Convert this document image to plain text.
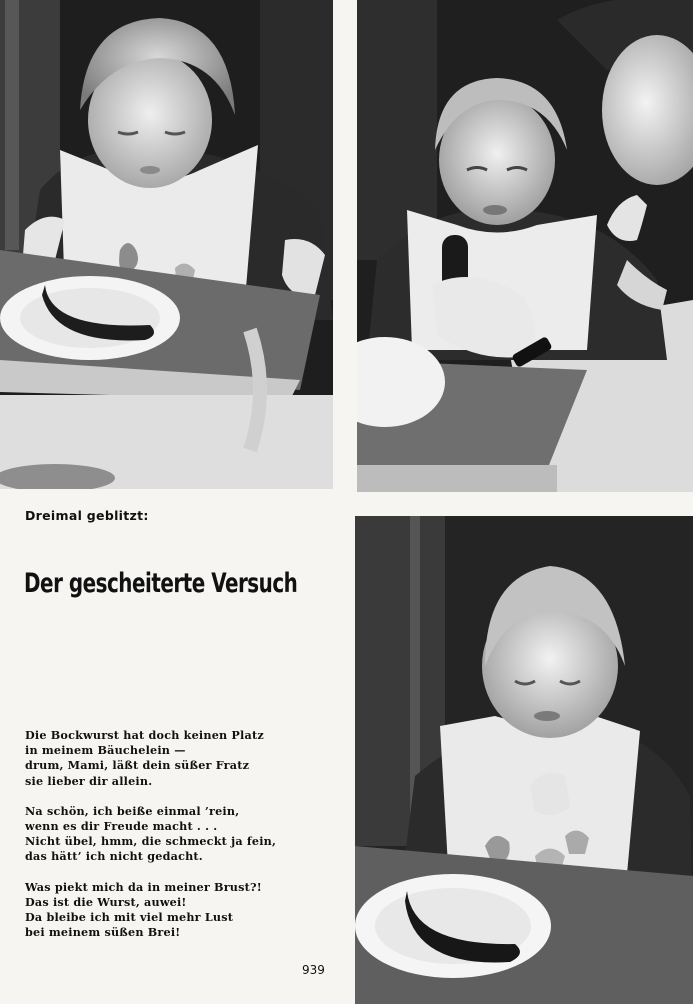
Dreimal geblitzt:
Der gescheiterte Versuch
Die Bockwurst hat doch keinen Platz
in meinem Bäuchelein —
drum, Mami, läßt dein süßer Fratz
sie lieber dir allein.
Na schön, ich beiße einmal ’rein,
wenn es dir Freude macht . . .
Nicht übel, hmm, die schmeckt ja fein,
das hätt’ ich nicht gedacht.
Was piekt mich da in meiner Brust?!
Das ist die Wurst, auwei!
Da bleibe ich mit viel mehr Lust
bei meinem süßen Brei!
939
